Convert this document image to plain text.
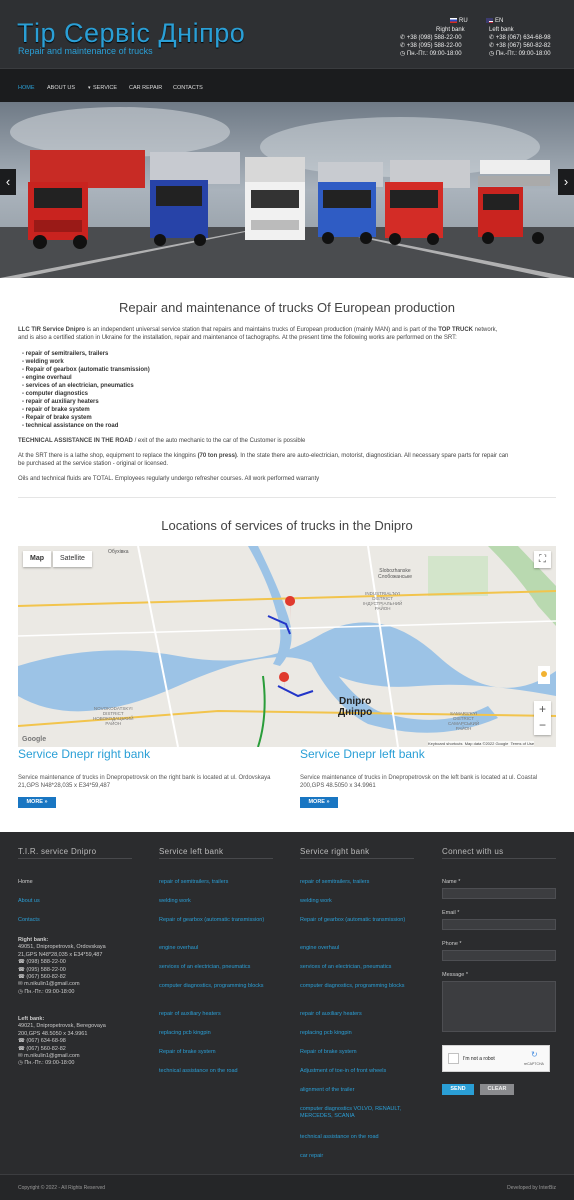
Тір Сервіс Дніпро
Repair and maintenance of trucks
RU
Right bank
✆ +38 (098) 588-22-00
✆ +38 (095) 588-22-00
◷ Пн.-Пт.: 09:00-18:00
EN
Left bank
✆ +38 (067) 634-68-98
✆ +38 (067) 560-82-82
◷ Пн.-Пт.: 09:00-18:00
HOME ABOUT US	▾ SERVICE CAR REPAIR CONTACTS
‹	›
Repair and maintenance of trucks Of European production
LLC TIR Service Dnipro is an independent universal service station that repairs and maintains trucks of European production (mainly MAN) and is part of the TOP TRUCK network,
and is also a certified station in Ukraine for the installation, repair and maintenance of tachographs. At the present time the following works are performed on the SRT:
- repair of semitrailers, trailers
- welding work
- Repair of gearbox (automatic transmission)
- engine overhaul
- services of an electrician, pneumatics
- computer diagnostics
- repair of auxiliary heaters
- repair of brake system
- Repair of brake system
- technical assistance on the road
TECHNICAL ASSISTANCE IN THE ROAD / exit of the auto mechanic to the car of the Customer is possible
At the SRT there is a lathe shop, equipment to replace the kingpins (70 ton press). In the state there are auto-electrician, motorist, diagnostician. All necessary spare parts for repair can
be purchased at the service station - original or licensed.
Oils and technical fluids are TOTAL. Employees regularly undergo refresher courses. All work performed warranty
Locations of services of trucks in the Dnipro
Map	Satellite	⛶
+
−
Обухівка
Slobozhanske
Слобожанське
INDUSTRIAL'NYI
DISTRICT
ІНДУСТРІАЛЬНИЙ
РАЙОН
NOVOKODATSKYI
DISTRICT
НОВОКОДАЦЬКИЙ
РАЙОН
SAMARS'KYI
DISTRICT
САМАРСЬКИЙ
РАЙОН
Dnipro
Дніпро
Google
Keyboard shortcuts Map data ©2022 Google Terms of Use
Service Dnepr right bank
Service maintenance of trucks in Dnepropetrovsk on the right bank is located at ul. Ordovskaya 21,GPS N48*28,035 x E34*59,487
MORE »
Service Dnepr left bank
Service maintenance of trucks in Dnepropetrovsk on the left bank is located at ul. Coastal 200,GPS 48.5050 x 34.9961
MORE »
T.I.R. service Dnipro	Service left bank	Service right bank	Connect with us
Home
About us
Contacts
Right bank:
49051, Dnipropetrovsk, Ordovskaya
21,GPS N48*28,035 x E34*59,487
☎ (098) 588-22-00
☎ (095) 588-22-00
☎ (067) 560-82-82
✉ m.nikulin1@gmail.com
◷ Пн.-Пт.: 09:00-18:00
Left bank:
49021, Dnipropetrovsk, Beregovaya
200,GPS 48.5050 x 34.9961
☎ (067) 634-68-98
☎ (067) 560-82-82
✉ m.nikulin1@gmail.com
◷ Пн.-Пт.: 09:00-18:00
repair of semitrailers, trailers
welding work
Repair of gearbox (automatic transmission)
engine overhaul
services of an electrician, pneumatics
computer diagnostics, programming blocks
repair of auxiliary heaters
replacing pcb kingpin
Repair of brake system
technical assistance on the road
repair of semitrailers, trailers
welding work
Repair of gearbox (automatic transmission)
engine overhaul
services of an electrician, pneumatics
computer diagnostics, programming blocks
repair of auxiliary heaters
replacing pcb kingpin
Repair of brake system
Adjustment of toe-in of front wheels
alignment of the trailer
computer diagnostics VOLVO, RENAULT, MERCEDES, SCANIA
technical assistance on the road
car repair
Name *
Email *
Phone *
Message *
I'm not a robot	↻
reCAPTCHA
SEND	CLEAR
Copyright © 2022 - All Rights Reserved	Developed by InterBiz
